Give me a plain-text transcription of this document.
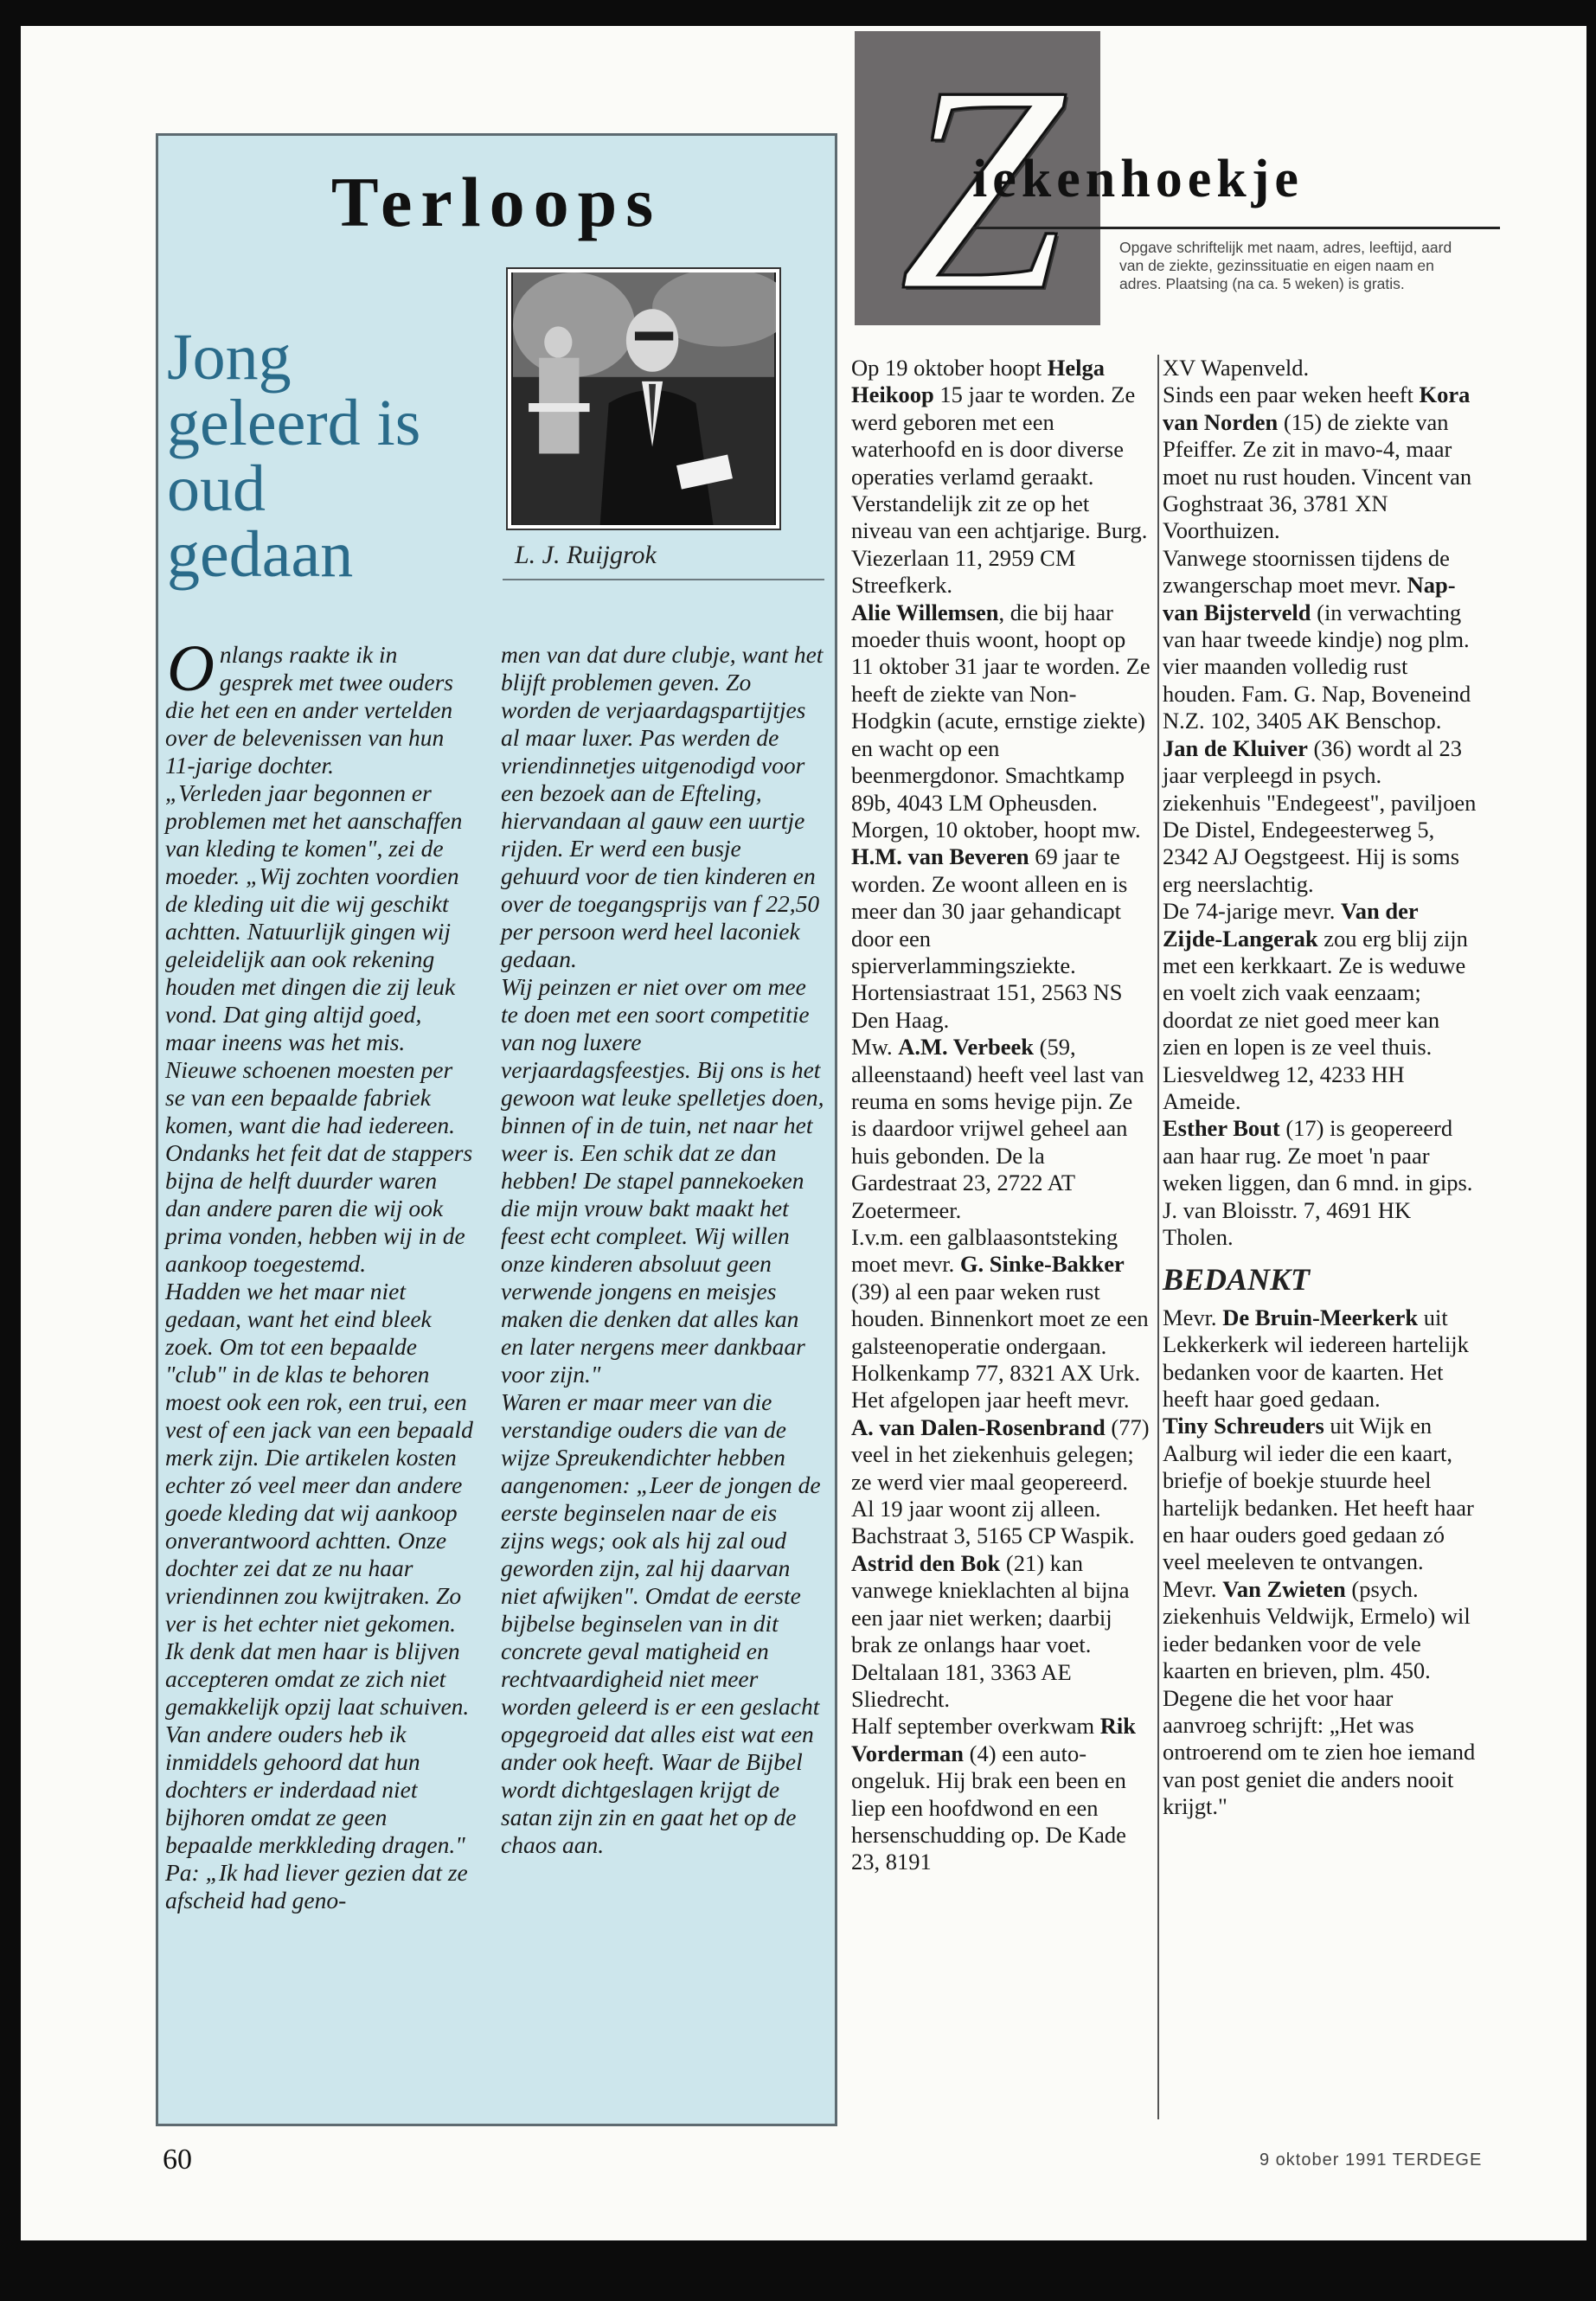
Terloops
Jong
geleerd is
oud gedaan	L. J. Ruijgrok

Onlangs raakte ik in gesprek met twee ouders die het een en ander vertelden over de belevenissen van hun 11-jarige dochter.

„Verleden jaar begonnen er problemen met het aanschaffen van kleding te komen", zei de moeder. „Wij zochten voordien de kleding uit die wij geschikt achtten. Natuurlijk gingen wij geleidelijk aan ook rekening houden met dingen die zij leuk vond. Dat ging altijd goed, maar ineens was het mis. Nieuwe schoenen moesten per se van een bepaalde fabriek komen, want die had iedereen. Ondanks het feit dat de stappers bijna de helft duurder waren dan andere paren die wij ook prima vonden, hebben wij in de aankoop toegestemd.

Hadden we het maar niet gedaan, want het eind bleek zoek. Om tot een bepaalde "club" in de klas te behoren moest ook een rok, een trui, een vest of een jack van een bepaald merk zijn. Die artikelen kosten echter zó veel meer dan andere goede kleding dat wij aankoop onverantwoord achtten. Onze dochter zei dat ze nu haar vriendinnen zou kwijtraken. Zo ver is het echter niet gekomen. Ik denk dat men haar is blijven accepteren omdat ze zich niet gemakkelijk opzij laat schuiven. Van andere ouders heb ik inmiddels gehoord dat hun dochters er inderdaad niet bijhoren omdat ze geen bepaalde merkkleding dragen."

Pa: „Ik had liever gezien dat ze afscheid had geno-

men van dat dure clubje, want het blijft problemen geven. Zo worden de verjaardagspartijtjes al maar luxer. Pas werden de vriendinnetjes uitgenodigd voor een bezoek aan de Efteling, hiervandaan al gauw een uurtje rijden. Er werd een busje gehuurd voor de tien kinderen en over de toegangsprijs van f 22,50 per persoon werd heel laconiek gedaan.

Wij peinzen er niet over om mee te doen met een soort competitie van nog luxere verjaardagsfeestjes. Bij ons is het gewoon wat leuke spelletjes doen, binnen of in de tuin, net naar het weer is. Een schik dat ze dan hebben! De stapel pannekoeken die mijn vrouw bakt maakt het feest echt compleet. Wij willen onze kinderen absoluut geen verwende jongens en meisjes maken die denken dat alles kan en later nergens meer dankbaar voor zijn."

Waren er maar meer van die verstandige ouders die van de wijze Spreukendichter hebben aangenomen: „Leer de jongen de eerste beginselen naar de eis zijns wegs; ook als hij zal oud geworden zijn, zal hij daarvan niet afwijken". Omdat de eerste bijbelse beginselen van in dit concrete geval matigheid en rechtvaardigheid niet meer worden geleerd is er een geslacht opgegroeid dat alles eist wat een ander ook heeft. Waar de Bijbel wordt dichtgeslagen krijgt de satan zijn zin en gaat het op de chaos aan.

Z
iekenhoekje

Opgave schriftelijk met naam, adres, leeftijd, aard van de ziekte, gezinssituatie en eigen naam en adres. Plaatsing (na ca. 5 weken) is gratis.

Op 19 oktober hoopt Helga Heikoop 15 jaar te worden. Ze werd geboren met een waterhoofd en is door diverse operaties verlamd geraakt. Verstandelijk zit ze op het niveau van een achtjarige. Burg. Viezerlaan 11, 2959 CM Streefkerk.

Alie Willemsen, die bij haar moeder thuis woont, hoopt op 11 oktober 31 jaar te worden. Ze heeft de ziekte van Non-Hodgkin (acute, ernstige ziekte) en wacht op een beenmergdonor. Smachtkamp 89b, 4043 LM Opheusden.

Morgen, 10 oktober, hoopt mw. H.M. van Beveren 69 jaar te worden. Ze woont alleen en is meer dan 30 jaar gehandicapt door een spierverlammingsziekte. Hortensiastraat 151, 2563 NS Den Haag.

Mw. A.M. Verbeek (59, alleenstaand) heeft veel last van reuma en soms hevige pijn. Ze is daardoor vrijwel geheel aan huis gebonden. De la Gardestraat 23, 2722 AT Zoetermeer.

I.v.m. een galblaasontsteking moet mevr. G. Sinke-Bakker (39) al een paar weken rust houden. Binnenkort moet ze een galsteenoperatie ondergaan. Holkenkamp 77, 8321 AX Urk.

Het afgelopen jaar heeft mevr. A. van Dalen-Rosenbrand (77) veel in het ziekenhuis gelegen; ze werd vier maal geopereerd. Al 19 jaar woont zij alleen. Bachstraat 3, 5165 CP Waspik.

Astrid den Bok (21) kan vanwege knieklachten al bijna een jaar niet werken; daarbij brak ze onlangs haar voet. Deltalaan 181, 3363 AE Sliedrecht.

Half september overkwam Rik Vorderman (4) een auto-ongeluk. Hij brak een been en liep een hoofdwond en een hersenschudding op. De Kade 23, 8191

XV Wapenveld.

Sinds een paar weken heeft Kora van Norden (15) de ziekte van Pfeiffer. Ze zit in mavo-4, maar moet nu rust houden. Vincent van Goghstraat 36, 3781 XN Voorthuizen.

Vanwege stoornissen tijdens de zwangerschap moet mevr. Nap-van Bijsterveld (in verwachting van haar tweede kindje) nog plm. vier maanden volledig rust houden. Fam. G. Nap, Boveneind N.Z. 102, 3405 AK Benschop.

Jan de Kluiver (36) wordt al 23 jaar verpleegd in psych. ziekenhuis "Endegeest", paviljoen De Distel, Endegeesterweg 5, 2342 AJ Oegstgeest. Hij is soms erg neerslachtig.

De 74-jarige mevr. Van der Zijde-Langerak zou erg blij zijn met een kerkkaart. Ze is weduwe en voelt zich vaak eenzaam; doordat ze niet goed meer kan zien en lopen is ze veel thuis. Liesveldweg 12, 4233 HH Ameide.

Esther Bout (17) is geopereerd aan haar rug. Ze moet 'n paar weken liggen, dan 6 mnd. in gips. J. van Bloisstr. 7, 4691 HK Tholen.

BEDANKT

Mevr. De Bruin-Meerkerk uit Lekkerkerk wil iedereen hartelijk bedanken voor de kaarten. Het heeft haar goed gedaan.

Tiny Schreuders uit Wijk en Aalburg wil ieder die een kaart, briefje of boekje stuurde heel hartelijk bedanken. Het heeft haar en haar ouders goed gedaan zó veel meeleven te ontvangen.

Mevr. Van Zwieten (psych. ziekenhuis Veldwijk, Ermelo) wil ieder bedanken voor de vele kaarten en brieven, plm. 450. Degene die het voor haar aanvroeg schrijft: „Het was ontroerend om te zien hoe iemand van post geniet die anders nooit krijgt."

60	9 oktober 1991 TERDEGE
